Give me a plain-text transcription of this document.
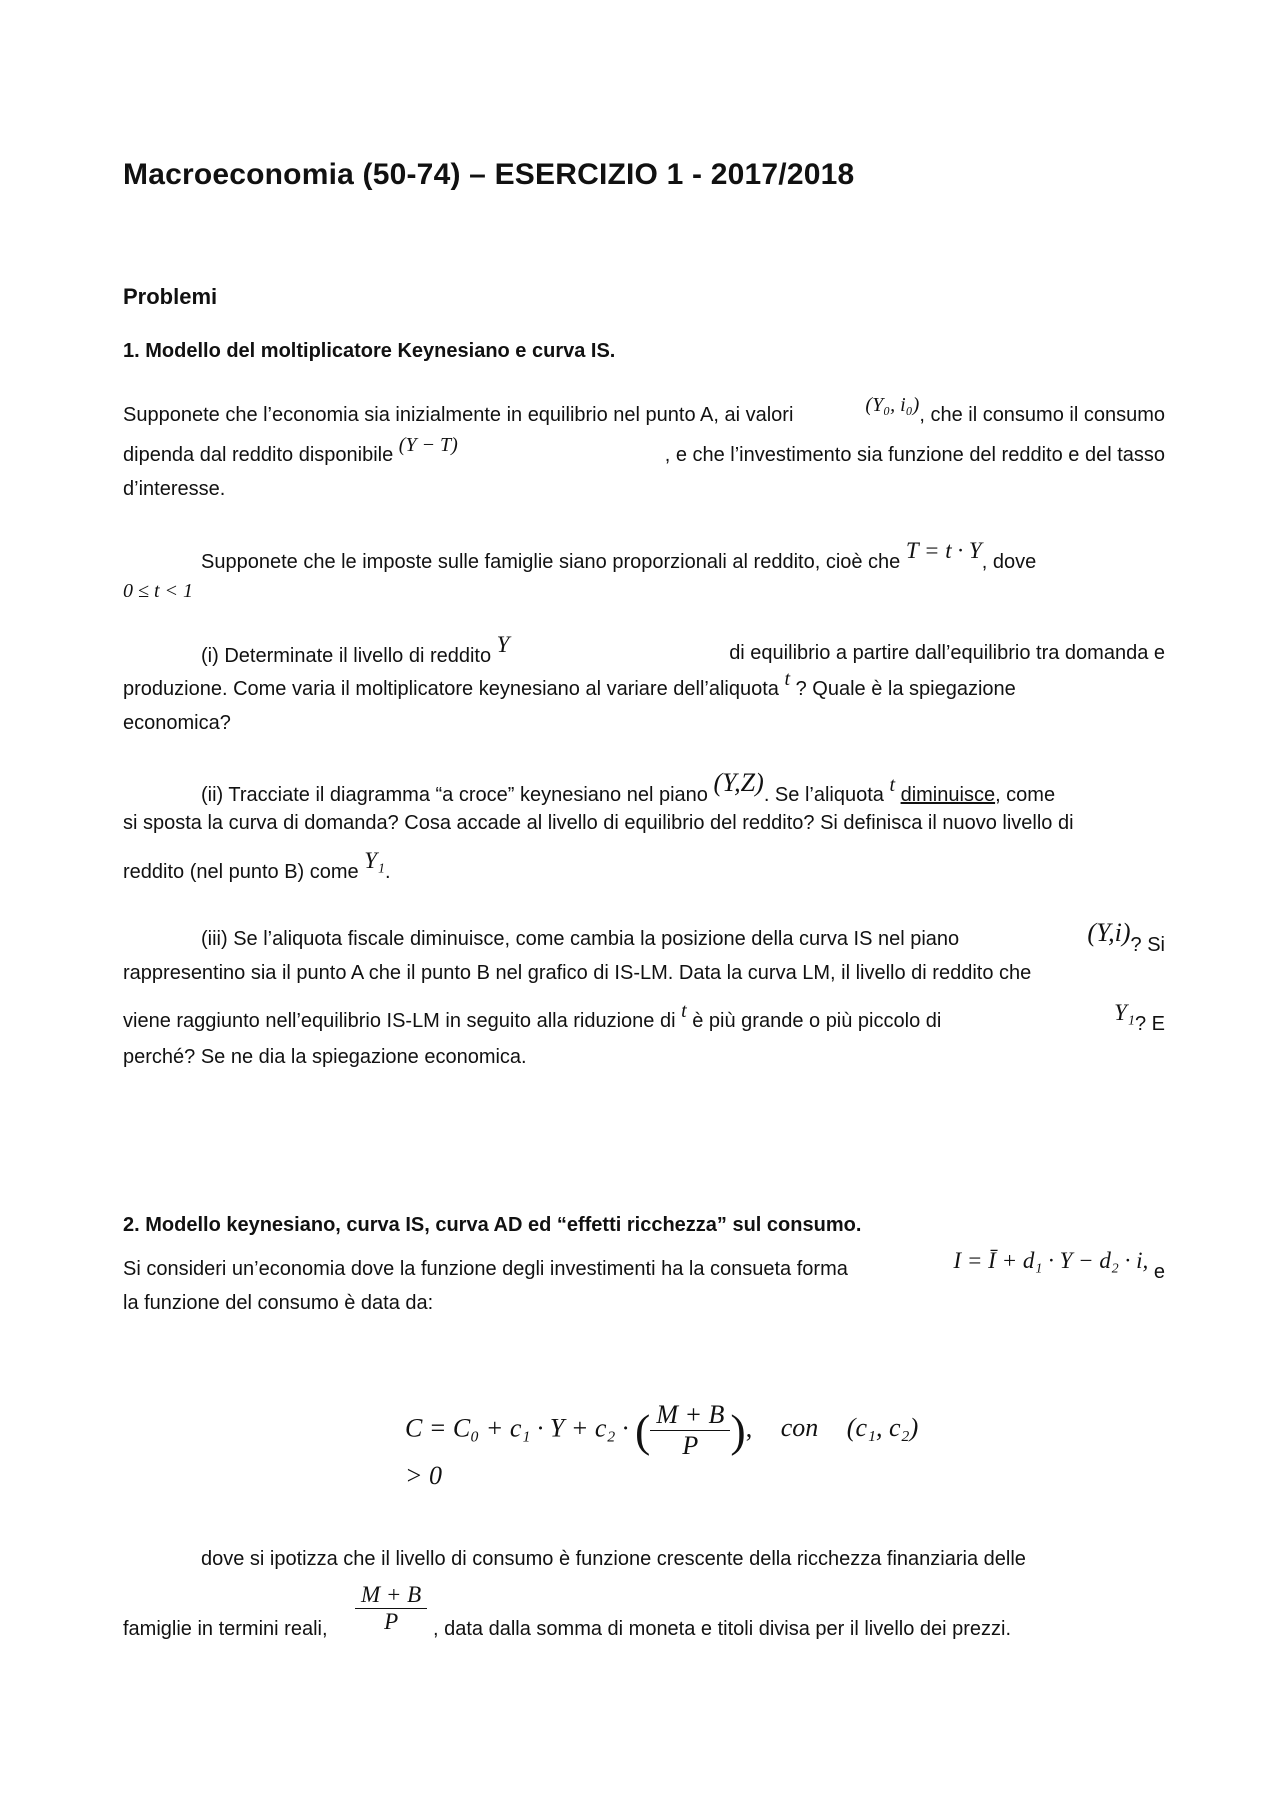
Macroeconomia (50-74) – ESERCIZIO 1 - 2017/2018
Problemi
1. Modello del moltiplicatore Keynesiano e curva IS.
Supponete che l’economia sia inizialmente in equilibrio nel punto A, ai valori	(Y₀, i₀), che il consumo il consumo
dipenda dal reddito disponibile (Y − T)	, e che l’investimento sia funzione del reddito e del tasso
d’interesse.
Supponete che le imposte sulle famiglie siano proporzionali al reddito, cioè che T = t · Y, dove
0 ≤ t < 1
(i) Determinate il livello di reddito Y	di equilibrio a partire dall’equilibrio tra domanda e
produzione. Come varia il moltiplicatore keynesiano al variare dell’aliquota t ? Quale è la spiegazione
economica?
(ii) Tracciate il diagramma “a croce” keynesiano nel piano (Y,Z). Se l’aliquota t diminuisce, come
si sposta la curva di domanda? Cosa accade al livello di equilibrio del reddito? Si definisca il nuovo livello di
reddito (nel punto B) come Y₁.
(iii) Se l’aliquota fiscale diminuisce, come cambia la posizione della curva IS nel piano	(Y,i)? Si
rappresentino sia il punto A che il punto B nel grafico di IS-LM. Data la curva LM, il livello di reddito che
viene raggiunto nell’equilibrio IS-LM in seguito alla riduzione di t è più grande o più piccolo di	Y₁? E
perché? Se ne dia la spiegazione economica.
2. Modello keynesiano, curva IS, curva AD ed “effetti ricchezza” sul consumo.
Si consideri un’economia dove la funzione degli investimenti ha la consueta forma	I = Ī + d₁ · Y − d₂ · i, e
la funzione del consumo è data da:
C = C₀ + c₁ · Y + c₂ · ( $\frac{M + B}{P}$ ), con (c₁, c₂) > 0
dove si ipotizza che il livello di consumo è funzione crescente della ricchezza finanziaria delle
famiglie in termini reali, $\frac{M + B}{P}$ , data dalla somma di moneta e titoli divisa per il livello dei prezzi.
